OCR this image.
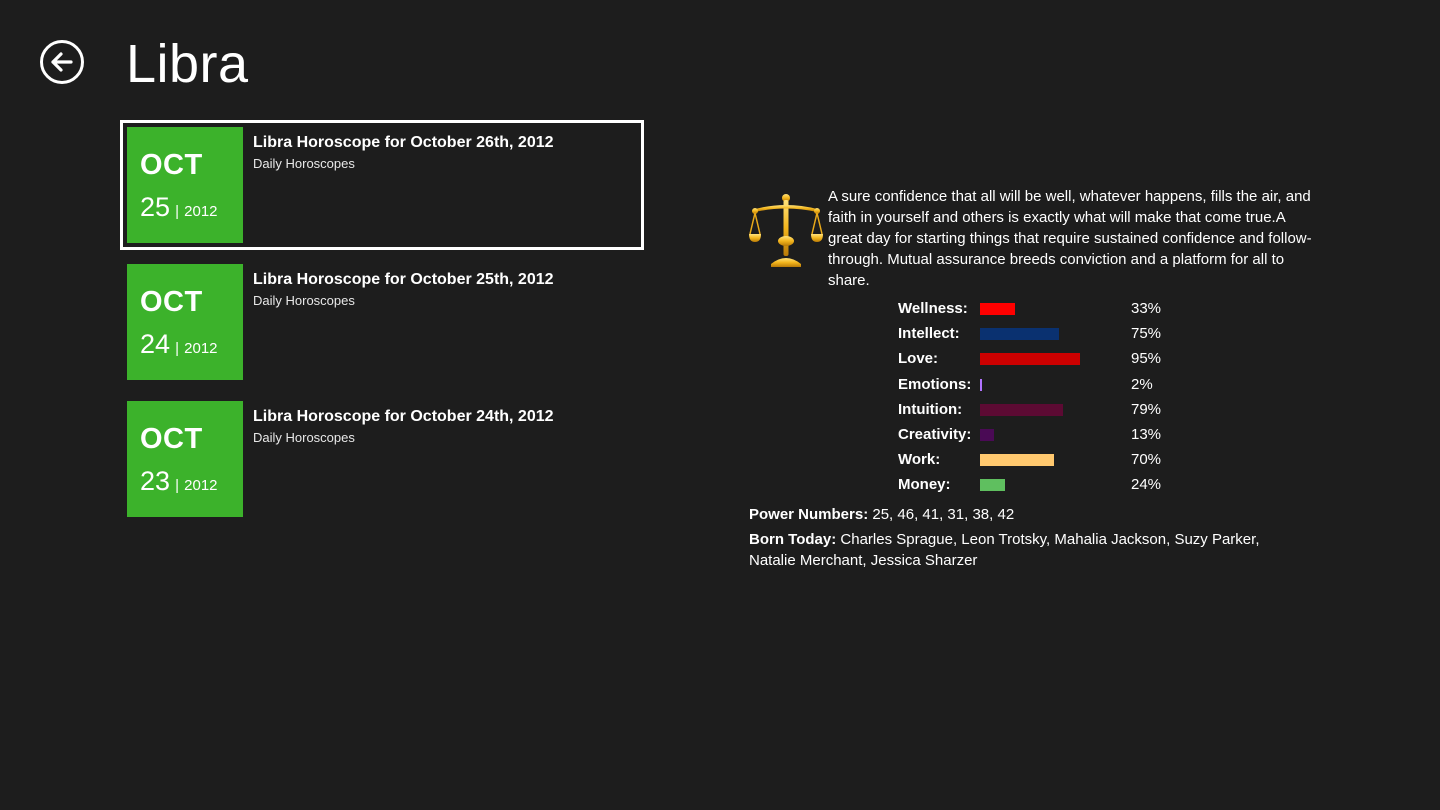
Libra
OCT
25 | 2012
Libra Horoscope for October 26th, 2012
Daily Horoscopes
OCT
24 | 2012
Libra Horoscope for October 25th, 2012
Daily Horoscopes
OCT
23 | 2012
Libra Horoscope for October 24th, 2012
Daily Horoscopes

A sure confidence that all will be well, whatever happens, fills the air, and faith in yourself and others is exactly what will make that come true.A great day for starting things that require sustained confidence and follow-through. Mutual assurance breeds conviction and a platform for all to share.

Wellness:	33%
Intellect:	75%
Love:	95%
Emotions:	2%
Intuition:	79%
Creativity:	13%
Work:	70%
Money:	24%

Power Numbers: 25, 46, 41, 31, 38, 42

Born Today: Charles Sprague, Leon Trotsky, Mahalia Jackson, Suzy Parker, Natalie Merchant, Jessica Sharzer
